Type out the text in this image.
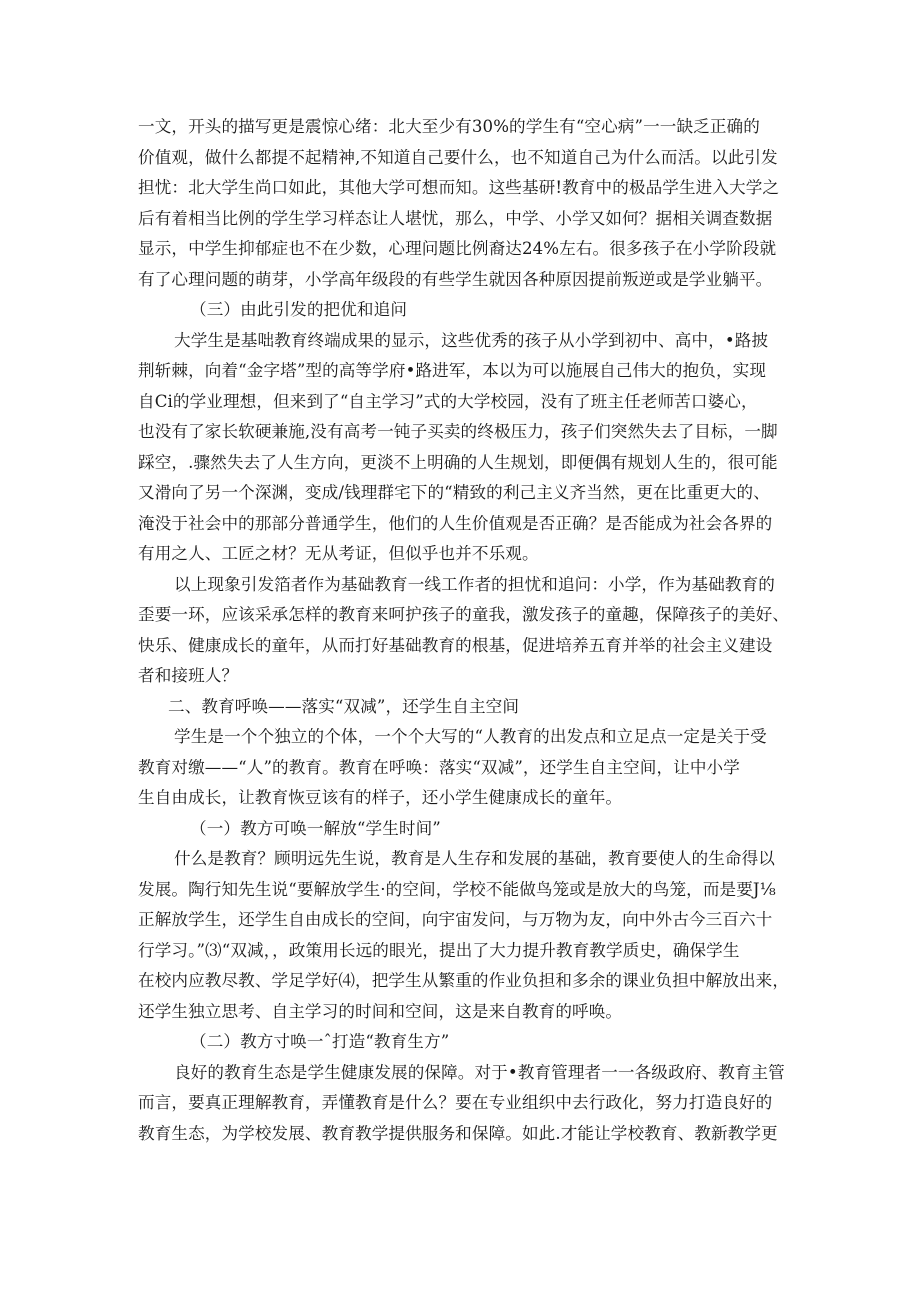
一文，开头的描写更是震惊心绪：北大至少有30%的学生有“空心病”一一缺乏正确的
价值观，做什么都提不起精神,不知道自己要什么，也不知道自己为什么而活。以此引发
担忧：北大学生尚口如此，其他大学可想而知。这些基研!教育中的极品学生进入大学之
后有着相当比例的学生学习样态让人堪忧，那么，中学、小学又如何？据相关调查数据
显示，中学生抑郁症也不在少数，心理问题比例裔达24%左右。很多孩子在小学阶段就
有了心理问题的萌芽，小学高年级段的有些学生就因各种原因提前叛逆或是学业躺平。
（三）由此引发的把优和追问
大学生是基咄教育终端成果的显示，这些优秀的孩子从小学到初中、高中，•路披
荆斩棘，向着“金字塔”型的高等学府•路进军，本以为可以施展自己伟大的抱负，实现
自Ci的学业理想，但来到了“自主学习”式的大学校园，没有了班主任老师苦口婆心，
也没有了家长软硬兼施,没有高考一钝子买卖的终极压力，孩子们突然失去了目标，一脚
踩空，.骤然失去了人生方向，更淡不上明确的人生规划，即便偶有规划人生的，很可能
又滑向了另一个深渊，变成/钱理群宅下的“精致的利己主义齐当然，更在比重更大的、
淹没于社会中的那部分普通学生，他们的人生价值观是否正确？是否能成为社会各界的
有用之人、工匠之材？无从考证，但似乎也并不乐观。
以上现象引发箔者作为基础教育一线工作者的担忧和追问：小学，作为基础教育的
歪要一环，应该采承怎样的教育来呵护孩子的童我，激发孩子的童趣，保障孩子的美好、
快乐、健康成长的童年，从而打好基础教育的根基，促进培养五育并举的社会主义建设
者和接班人？
二、教育呼唤——落实“双减”，还学生自主空间
学生是一个个独立的个体，一个个大写的“人教育的出发点和立足点一定是关于受
教育对缴——“人”的教育。教育在呼唤：落实“双减”，还学生自主空间，让中小学
生自由成长，让教育恢豆该有的样子，还小学生健康成长的童年。
（一）教方可唤一解放“学生时间”
什么是教育？顾明远先生说，教育是人生存和发展的基础，教育要使人的生命得以
发展。陶行知先生说“要解放学生·的空间，学校不能做鸟笼或是放大的鸟笼，而是要J⅛
正解放学生，还学生自由成长的空间，向宇宙发问，与万物为友，向中外古今三百六十
行学习。”⑶“双减，，政策用长远的眼光，提出了大力提升教育教学质史，确保学生
在校内应教尽教、学足学好⑷，把学生从繁重的作业负担和多余的课业负担中解放出来，
还学生独立思考、自主学习的时间和空间，这是来自教育的呼唤。
（二）教方寸唤一ˆ打造“教育生方”
良好的教育生态是学生健康发展的保障。对于•教育管理者一一各级政府、教育主管
而言，要真正理解教育，弄懂教育是什么？要在专业组织中去行政化，努力打造良好的
教育生态，为学校发展、教育教学提供服务和保障。如此.才能让学校教育、教新教学更
